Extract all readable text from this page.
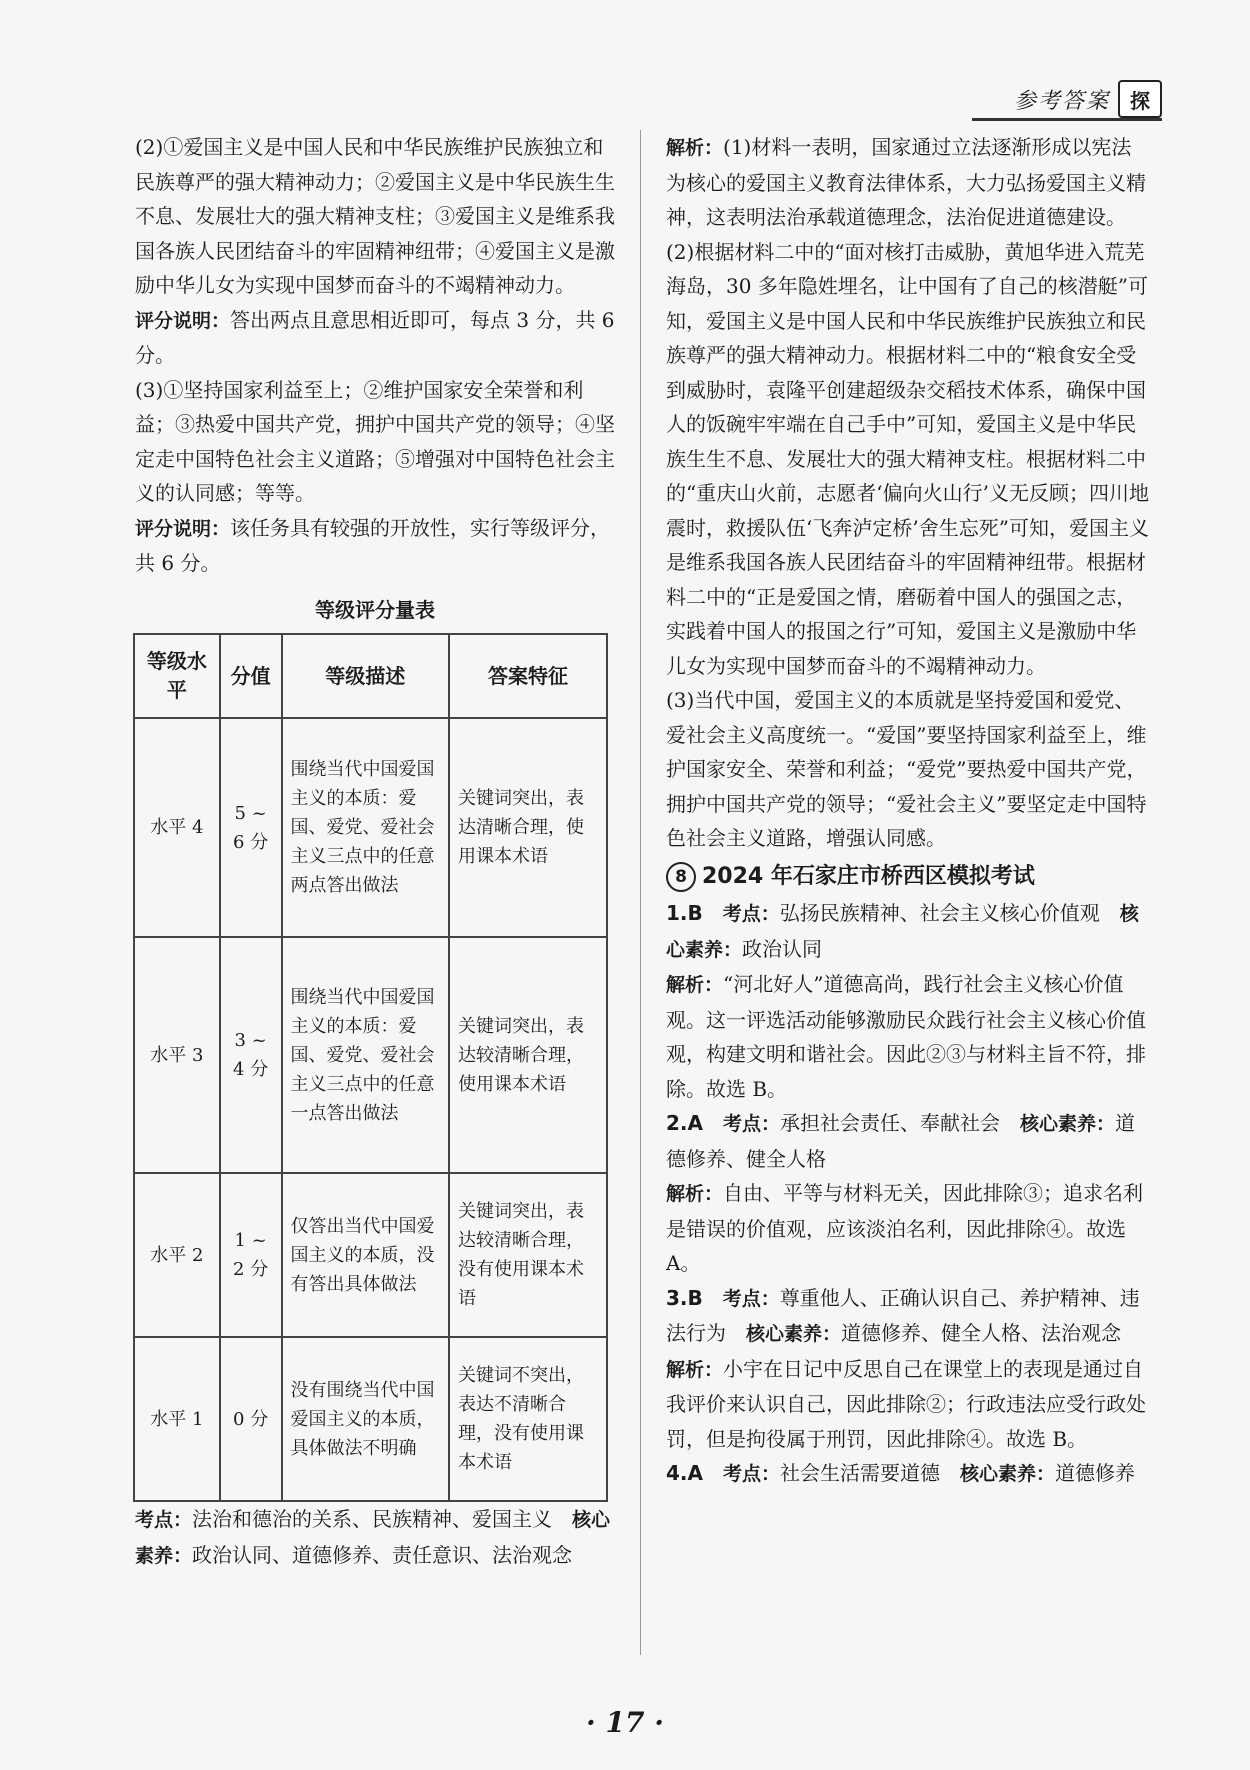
参考答案	探

(2)①爱国主义是中国人民和中华民族维护民族独立和民族尊严的强大精神动力；②爱国主义是中华民族生生不息、发展壮大的强大精神支柱；③爱国主义是维系我国各族人民团结奋斗的牢固精神纽带；④爱国主义是激励中华儿女为实现中国梦而奋斗的不竭精神动力。

评分说明：答出两点且意思相近即可，每点 3 分，共 6 分。

(3)①坚持国家利益至上；②维护国家安全荣誉和利益；③热爱中国共产党，拥护中国共产党的领导；④坚定走中国特色社会主义道路；⑤增强对中国特色社会主义的认同感；等等。

评分说明：该任务具有较强的开放性，实行等级评分，共 6 分。

等级评分量表
等级水平	分值	等级描述	答案特征
水平 4	5 ~ 6 分	围绕当代中国爱国主义的本质：爱国、爱党、爱社会主义三点中的任意两点答出做法	关键词突出，表达清晰合理，使用课本术语
水平 3	3 ~ 4 分	围绕当代中国爱国主义的本质：爱国、爱党、爱社会主义三点中的任意一点答出做法	关键词突出，表达较清晰合理，使用课本术语
水平 2	1 ~ 2 分	仅答出当代中国爱国主义的本质，没有答出具体做法	关键词突出，表达较清晰合理，没有使用课本术语
水平 1	0 分	没有围绕当代中国爱国主义的本质，具体做法不明确	关键词不突出，表达不清晰合理，没有使用课本术语

考点：法治和德治的关系、民族精神、爱国主义　 核心素养：政治认同、道德修养、责任意识、法治观念

解析：(1)材料一表明，国家通过立法逐渐形成以宪法为核心的爱国主义教育法律体系，大力弘扬爱国主义精神，这表明法治承载道德理念，法治促进道德建设。

(2)根据材料二中的“面对核打击威胁，黄旭华进入荒芜海岛，30 多年隐姓埋名，让中国有了自己的核潜艇”可知，爱国主义是中国人民和中华民族维护民族独立和民族尊严的强大精神动力。根据材料二中的“粮食安全受到威胁时，袁隆平创建超级杂交稻技术体系，确保中国人的饭碗牢牢端在自己手中”可知，爱国主义是中华民族生生不息、发展壮大的强大精神支柱。根据材料二中的“重庆山火前，志愿者‘偏向火山行’义无反顾；四川地震时，救援队伍‘飞奔泸定桥’舍生忘死”可知，爱国主义是维系我国各族人民团结奋斗的牢固精神纽带。根据材料二中的“正是爱国之情，磨砺着中国人的强国之志，实践着中国人的报国之行”可知，爱国主义是激励中华儿女为实现中国梦而奋斗的不竭精神动力。

(3)当代中国，爱国主义的本质就是坚持爱国和爱党、爱社会主义高度统一。“爱国”要坚持国家利益至上，维护国家安全、荣誉和利益；“爱党”要热爱中国共产党，拥护中国共产党的领导；“爱社会主义”要坚定走中国特色社会主义道路，增强认同感。

8 2024 年石家庄市桥西区模拟考试

1.B　 考点：弘扬民族精神、社会主义核心价值观　 核心素养：政治认同

解析：“河北好人”道德高尚，践行社会主义核心价值观。这一评选活动能够激励民众践行社会主义核心价值观，构建文明和谐社会。因此②③与材料主旨不符，排除。故选 B。

2.A　 考点：承担社会责任、奉献社会　 核心素养：道德修养、健全人格

解析：自由、平等与材料无关，因此排除③；追求名利是错误的价值观，应该淡泊名利，因此排除④。故选 A。

3.B　 考点：尊重他人、正确认识自己、养护精神、违法行为　 核心素养：道德修养、健全人格、法治观念

解析：小宇在日记中反思自己在课堂上的表现是通过自我评价来认识自己，因此排除②；行政违法应受行政处罚，但是拘役属于刑罚，因此排除④。故选 B。

4.A　 考点：社会生活需要道德　 核心素养：道德修养

· 17 ·
